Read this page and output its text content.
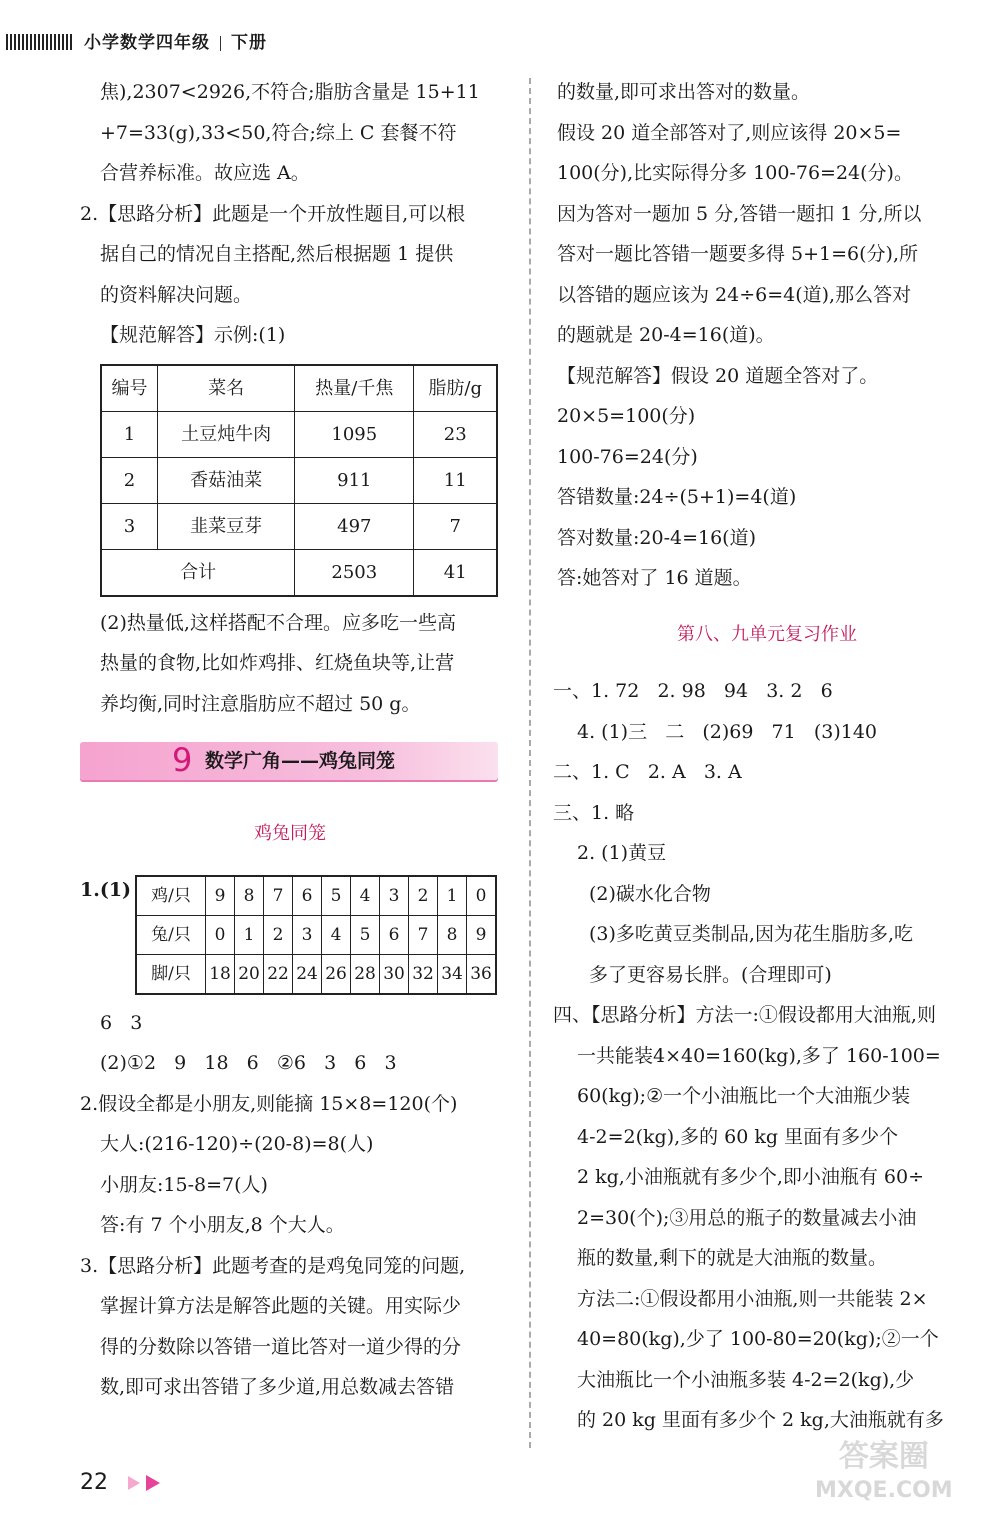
小学数学四年级 下册

焦),2307<2926,不符合;脂肪含量是 15+11

+7=33(g),33<50,符合;综上 C 套餐不符

合营养标准。故应选 A。

2.【思路分析】此题是一个开放性题目,可以根

据自己的情况自主搭配,然后根据题 1 提供

的资料解决问题。

【规范解答】示例:(1)

编号	菜名	热量/千焦	脂肪/g
1	土豆炖牛肉	1095	23
2	香菇油菜	911	11
3	韭菜豆芽	497	7
合计		2503	41

(2)热量低,这样搭配不合理。应多吃一些高

热量的食物,比如炸鸡排、红烧鱼块等,让营

养均衡,同时注意脂肪应不超过 50 g。

9 数学广角——鸡兔同笼

鸡兔同笼

1.(1) 鸡/只	9	8	7	6	5	4	3	2	1	0
兔/只	0	1	2	3	4	5	6	7	8	9
脚/只	18	20	22	24	26	28	30	32	34	36

6   3

(2)①2   9   18   6   ②6   3   6   3

2.假设全都是小朋友,则能摘 15×8=120(个)

大人:(216-120)÷(20-8)=8(人)

小朋友:15-8=7(人)

答:有 7 个小朋友,8 个大人。

3.【思路分析】此题考查的是鸡兔同笼的问题,

掌握计算方法是解答此题的关键。用实际少

得的分数除以答错一道比答对一道少得的分

数,即可求出答错了多少道,用总数减去答错

的数量,即可求出答对的数量。

假设 20 道全部答对了,则应该得 20×5=

100(分),比实际得分多 100-76=24(分)。

因为答对一题加 5 分,答错一题扣 1 分,所以

答对一题比答错一题要多得 5+1=6(分),所

以答错的题应该为 24÷6=4(道),那么答对

的题就是 20-4=16(道)。

【规范解答】假设 20 道题全答对了。

20×5=100(分)

100-76=24(分)

答错数量:24÷(5+1)=4(道)

答对数量:20-4=16(道)

答:她答对了 16 道题。

第八、九单元复习作业

一、1. 72   2. 98   94   3. 2   6

4. (1)三   二   (2)69   71   (3)140

二、1. C   2. A   3. A

三、1. 略

2. (1)黄豆

(2)碳水化合物

(3)多吃黄豆类制品,因为花生脂肪多,吃

多了更容易长胖。(合理即可)

四、【思路分析】方法一:①假设都用大油瓶,则

一共能装4×40=160(kg),多了 160-100=

60(kg);②一个小油瓶比一个大油瓶少装

4-2=2(kg),多的 60 kg 里面有多少个

2 kg,小油瓶就有多少个,即小油瓶有 60÷

2=30(个);③用总的瓶子的数量减去小油

瓶的数量,剩下的就是大油瓶的数量。

方法二:①假设都用小油瓶,则一共能装 2×

40=80(kg),少了 100-80=20(kg);②一个

大油瓶比一个小油瓶多装 4-2=2(kg),少

的 20 kg 里面有多少个 2 kg,大油瓶就有多

22
答案圈
MXQE.COM
